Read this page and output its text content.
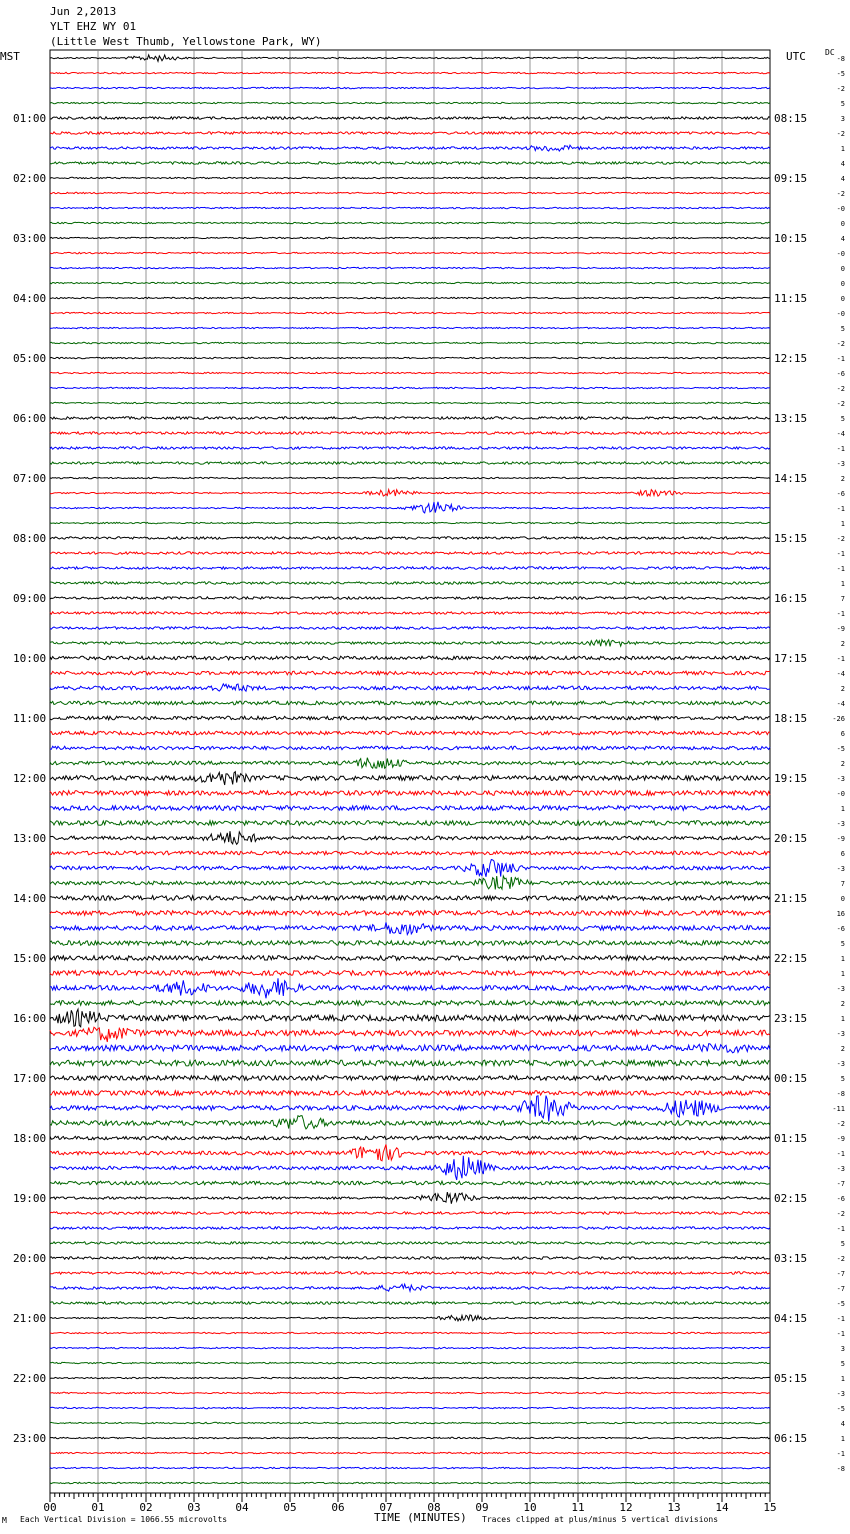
Jun 2,2013
YLT EHZ WY 01
(Little West Thumb, Yellowstone Park, WY)
MST	UTC DC
01:00
02:00
03:00
04:00
05:00
06:00
07:00
08:00
09:00
10:00
11:00
12:00
13:00
14:00
15:00
16:00
17:00
18:00
19:00
20:00
21:00
22:00
23:00
08:15
09:15
10:15
11:15
12:15
13:15
14:15
15:15
16:15
17:15
18:15
19:15
20:15
21:15
22:15
23:15
00:15
01:15
02:15
03:15
04:15
05:15
06:15
-8
-5
-2
5
3
-2
1
4
4
-2
-0
0
4
-0
0
0
0
-0
5
-2
-1
-6
-2
-2
5
-4
-1
-3
2
-6
-1
1
-2
-1
-1
1
7
-1
-9
2
-1
-4
2
-4
-26
6
-5
2
-3
-0
1
-3
-9
6
-3
7
0
16
-6
5
1
1
-3
2
1
-3
2
-3
5
-8
-11
-2
-9
-1
-3
-7
-6
-2
-1
5
-2
-7
-7
-5
-1
-1
3
5
1
-3
-5
4
1
-1
-8
00	01	02	03	04	05	06	07	08	09	10	11	12	13	14	15
M Each Vertical Division = 1066.55 microvolts	TIME (MINUTES) Traces clipped at plus/minus 5 vertical divisions
